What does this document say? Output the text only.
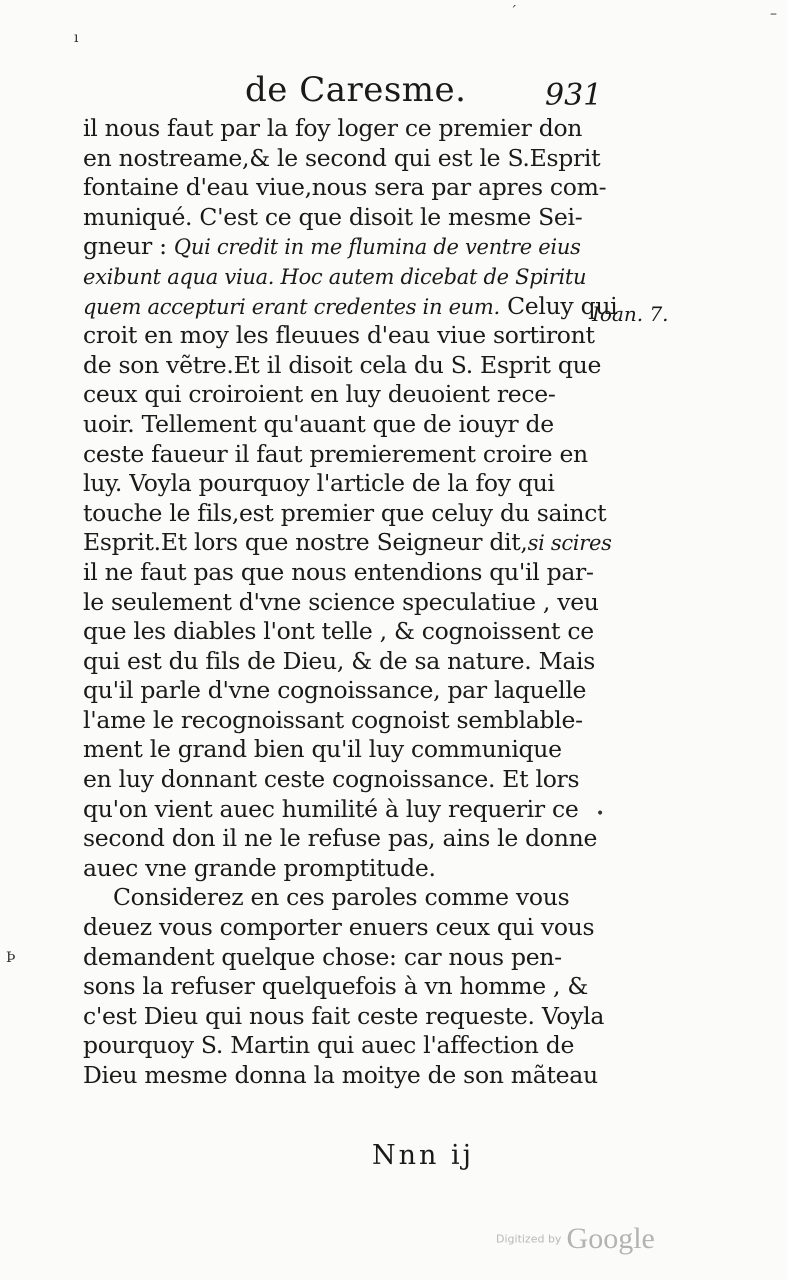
ı
ˊ	–
Þ
•
de Caresme.	931
il nous faut par la foy loger ce premier don
en nostreame,& le second qui est le S.Esprit
fontaine d'eau viue,nous sera par apres com-
muniqué. C'est ce que disoit le mesme Sei-
gneur : Qui credit in me flumina de ventre eius
exibunt aqua viua. Hoc autem dicebat de Spiritu
quem accepturi erant credentes in eum. Celuy qui
croit en moy les fleuues d'eau viue sortiront
de son vẽtre.Et il disoit cela du S. Esprit que
ceux qui croiroient en luy deuoient rece-
uoir. Tellement qu'auant que de iouyr de
ceste faueur il faut premierement croire en
luy. Voyla pourquoy l'article de la foy qui
touche le fils,est premier que celuy du sainct
Esprit.Et lors que nostre Seigneur dit,si scires
il ne faut pas que nous entendions qu'il par-
le seulement d'vne science speculatiue , veu
que les diables l'ont telle , & cognoissent ce
qui est du fils de Dieu, & de sa nature. Mais
qu'il parle d'vne cognoissance, par laquelle
l'ame le recognoissant cognoist semblable-
ment le grand bien qu'il luy communique
en luy donnant ceste cognoissance. Et lors
qu'on vient auec humilité à luy requerir ce
second don il ne le refuse pas, ains le donne
auec vne grande promptitude.
Considerez en ces paroles comme vous
deuez vous comporter enuers ceux qui vous
demandent quelque chose: car nous pen-
sons la refuser quelquefois à vn homme , &
c'est Dieu qui nous fait ceste requeste. Voyla
pourquoy S. Martin qui auec l'affection de
Dieu mesme donna la moitye de son mãteau
Ioan. 7.
Nnn ij
Digitized by Google
